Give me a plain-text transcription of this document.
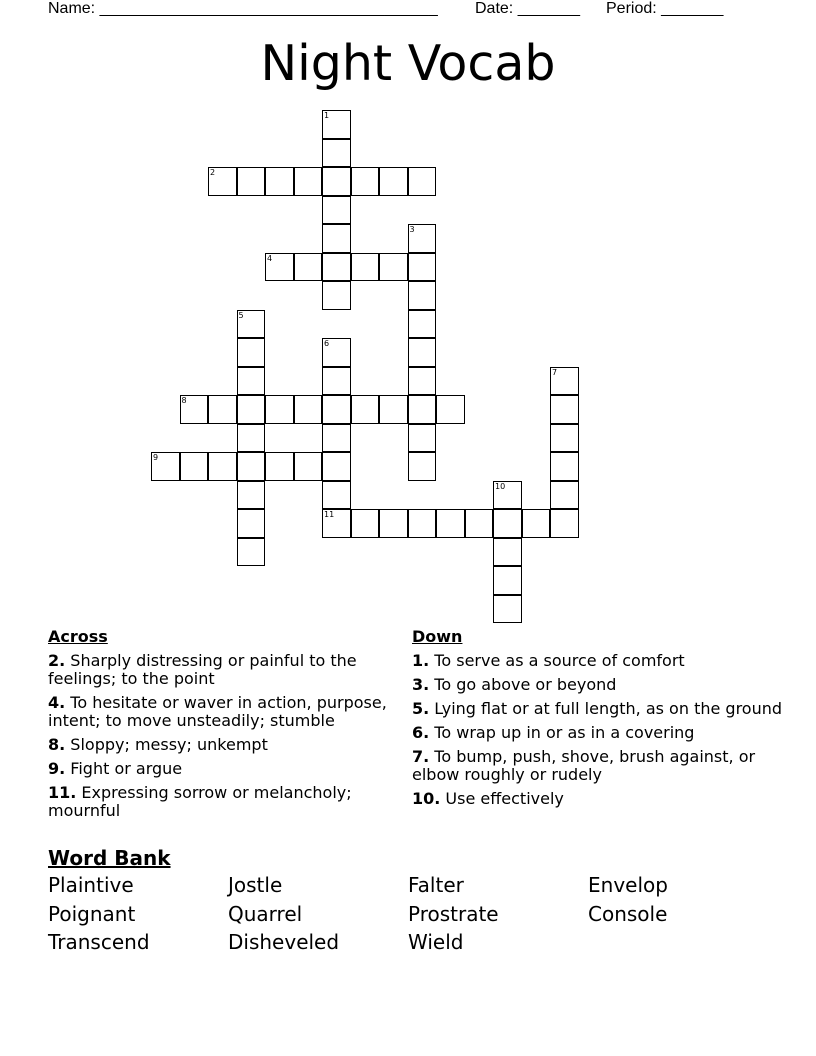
Name: ______________________________________ Date: _______ Period: _______
Night Vocab
1
2
3
4
5
6
11
7
8
9
10
Across
2. Sharply distressing or painful to the feelings; to the point
4. To hesitate or waver in action, purpose, intent; to move unsteadily; stumble
8. Sloppy; messy; unkempt
9. Fight or argue
11. Expressing sorrow or melancholy; mournful
Down
1. To serve as a source of comfort
3. To go above or beyond
5. Lying flat or at full length, as on the ground
6. To wrap up in or as in a covering
7. To bump, push, shove, brush against, or elbow roughly or rudely
10. Use effectively
Word Bank
Plaintive	Jostle	Falter	Envelop
Poignant	Quarrel	Prostrate	Console
Transcend	Disheveled	Wield
